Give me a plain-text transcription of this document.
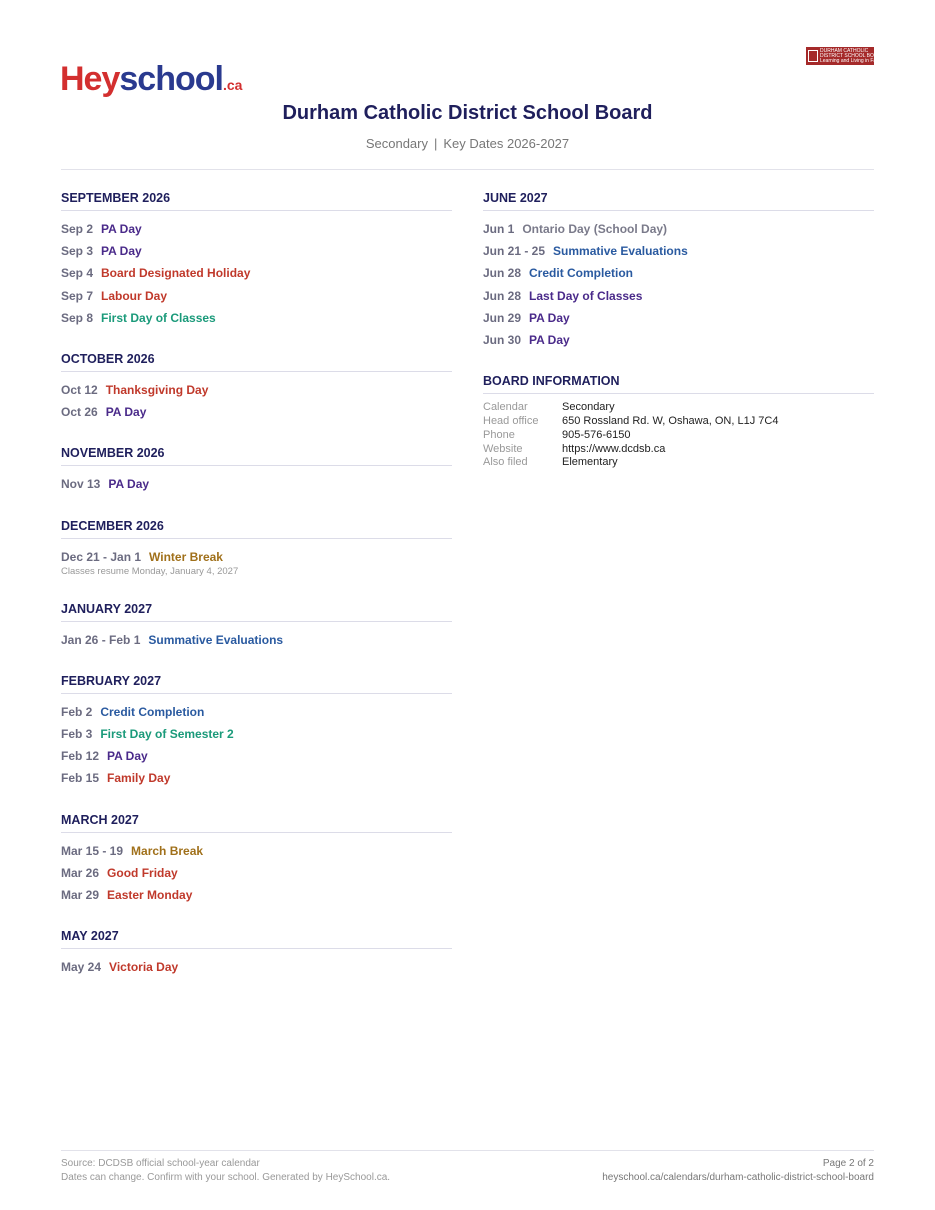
Heyschool.ca
DURHAM CATHOLIC
DISTRICT SCHOOL BOARD
Learning and Living in Faith
Durham Catholic District School Board
Secondary | Key Dates 2026-2027
SEPTEMBER 2026
Sep 2 PA Day
Sep 3 PA Day
Sep 4 Board Designated Holiday
Sep 7 Labour Day
Sep 8 First Day of Classes
OCTOBER 2026
Oct 12 Thanksgiving Day
Oct 26 PA Day
NOVEMBER 2026
Nov 13 PA Day
DECEMBER 2026
Dec 21 - Jan 1 Winter Break
Classes resume Monday, January 4, 2027
JANUARY 2027
Jan 26 - Feb 1 Summative Evaluations
FEBRUARY 2027
Feb 2 Credit Completion
Feb 3 First Day of Semester 2
Feb 12 PA Day
Feb 15 Family Day
MARCH 2027
Mar 15 - 19 March Break
Mar 26 Good Friday
Mar 29 Easter Monday
MAY 2027
May 24 Victoria Day
JUNE 2027
Jun 1 Ontario Day (School Day)
Jun 21 - 25 Summative Evaluations
Jun 28 Credit Completion
Jun 28 Last Day of Classes
Jun 29 PA Day
Jun 30 PA Day
BOARD INFORMATION
Calendar	Secondary
Head office 650 Rossland Rd. W, Oshawa, ON, L1J 7C4
Phone	905-576-6150
Website	https://www.dcdsb.ca
Also filed	Elementary
Source: DCDSB official school-year calendar
Dates can change. Confirm with your school. Generated by HeySchool.ca.
Page 2 of 2
heyschool.ca/calendars/durham-catholic-district-school-board
